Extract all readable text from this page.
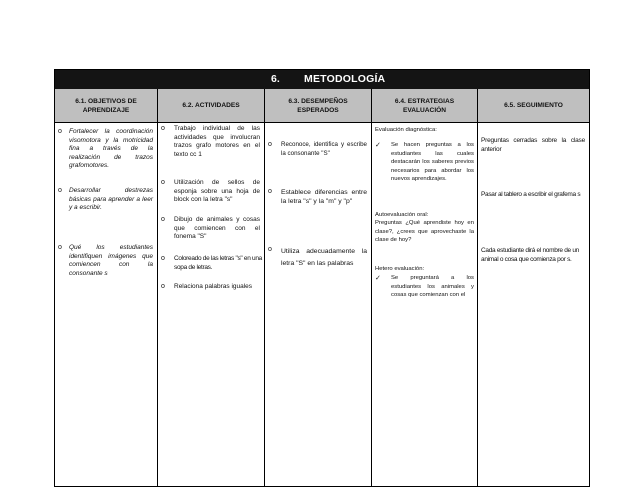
6. METODOLOGÍA
6.1. OBJETIVOS DE APRENDIZAJE
6.2. ACTIVIDADES
6.3. DESEMPEÑOS ESPERADOS
6.4. ESTRATEGIAS EVALUACIÓN
6.5. SEGUIMIENTO
o Fortalecer la coordinación visomotora y la motricidad fina a través de la realización de trazos grafomotores.
o Desarrollar destrezas básicas para aprender a leer y a escribir.
o Qué los estudiantes identifiquen imágenes que comiencen con la consonante s
o Trabajo individual de las actividades que involucran trazos grafo motores en el texto cc 1
o Utilización de sellos de esponja sobre una hoja de block con la letra "s"
o Dibujo de animales y cosas que comiencen con el fonema "S"
o Coloreado de las letras "s" en una sopa de letras.
o Relaciona palabras iguales
o Reconoce, identifica y escribe la consonante "S"
o Establece diferencias entre la letra "s" y la "m" y "p"
o Utiliza adecuadamente la letra "S" en las palabras
Evaluación diagnóstica:
✓ Se hacen preguntas a los estudiantes las cuales destacarán los saberes previos necesarios para abordar los nuevos aprendizajes.
Autoevaluación oral:
Preguntas ¿Qué aprendiste hoy en clase?, ¿crees que aprovechaste la clase de hoy?
Hetero evaluación:
✓ Se preguntará a los estudiantes los animales y cosas que comienzan con el
Preguntas cerradas sobre la clase anterior
Pasar al tablero a escribir el grafema s
Cada estudiante dirá el nombre de un animal o cosa que comienza por s.
